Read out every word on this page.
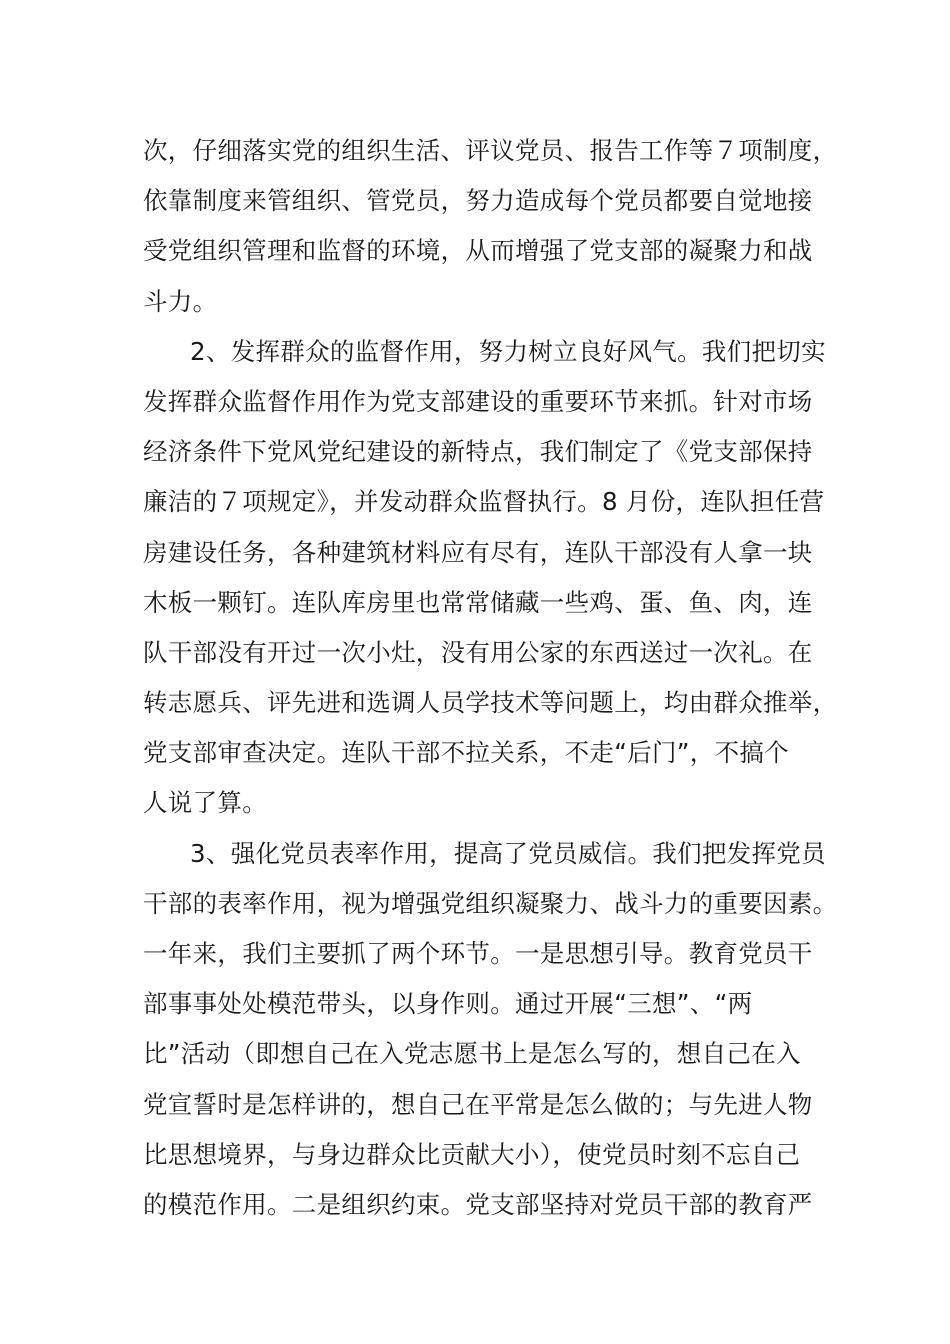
次，仔细落实党的组织生活、评议党员、报告工作等７项制度，
依靠制度来管组织、管党员，努力造成每个党员都要自觉地接
受党组织管理和监督的环境，从而增强了党支部的凝聚力和战
斗力。
2、发挥群众的监督作用，努力树立良好风气。我们把切实
发挥群众监督作用作为党支部建设的重要环节来抓。针对市场
经济条件下党风党纪建设的新特点，我们制定了《党支部保持
廉洁的７项规定》，并发动群众监督执行。8 月份，连队担任营
房建设任务，各种建筑材料应有尽有，连队干部没有人拿一块
木板一颗钉。连队库房里也常常储藏一些鸡、蛋、鱼、肉，连
队干部没有开过一次小灶，没有用公家的东西送过一次礼。在
转志愿兵、评先进和选调人员学技术等问题上，均由群众推举，
党支部审查决定。连队干部不拉关系，不走“后门”，不搞个
人说了算。
3、强化党员表率作用，提高了党员威信。我们把发挥党员
干部的表率作用，视为增强党组织凝聚力、战斗力的重要因素。
一年来，我们主要抓了两个环节。一是思想引导。教育党员干
部事事处处模范带头，以身作则。通过开展“三想”、“两
比”活动（即想自己在入党志愿书上是怎么写的，想自己在入
党宣誓时是怎样讲的，想自己在平常是怎么做的；与先进人物
比思想境界，与身边群众比贡献大小），使党员时刻不忘自己
的模范作用。二是组织约束。党支部坚持对党员干部的教育严
